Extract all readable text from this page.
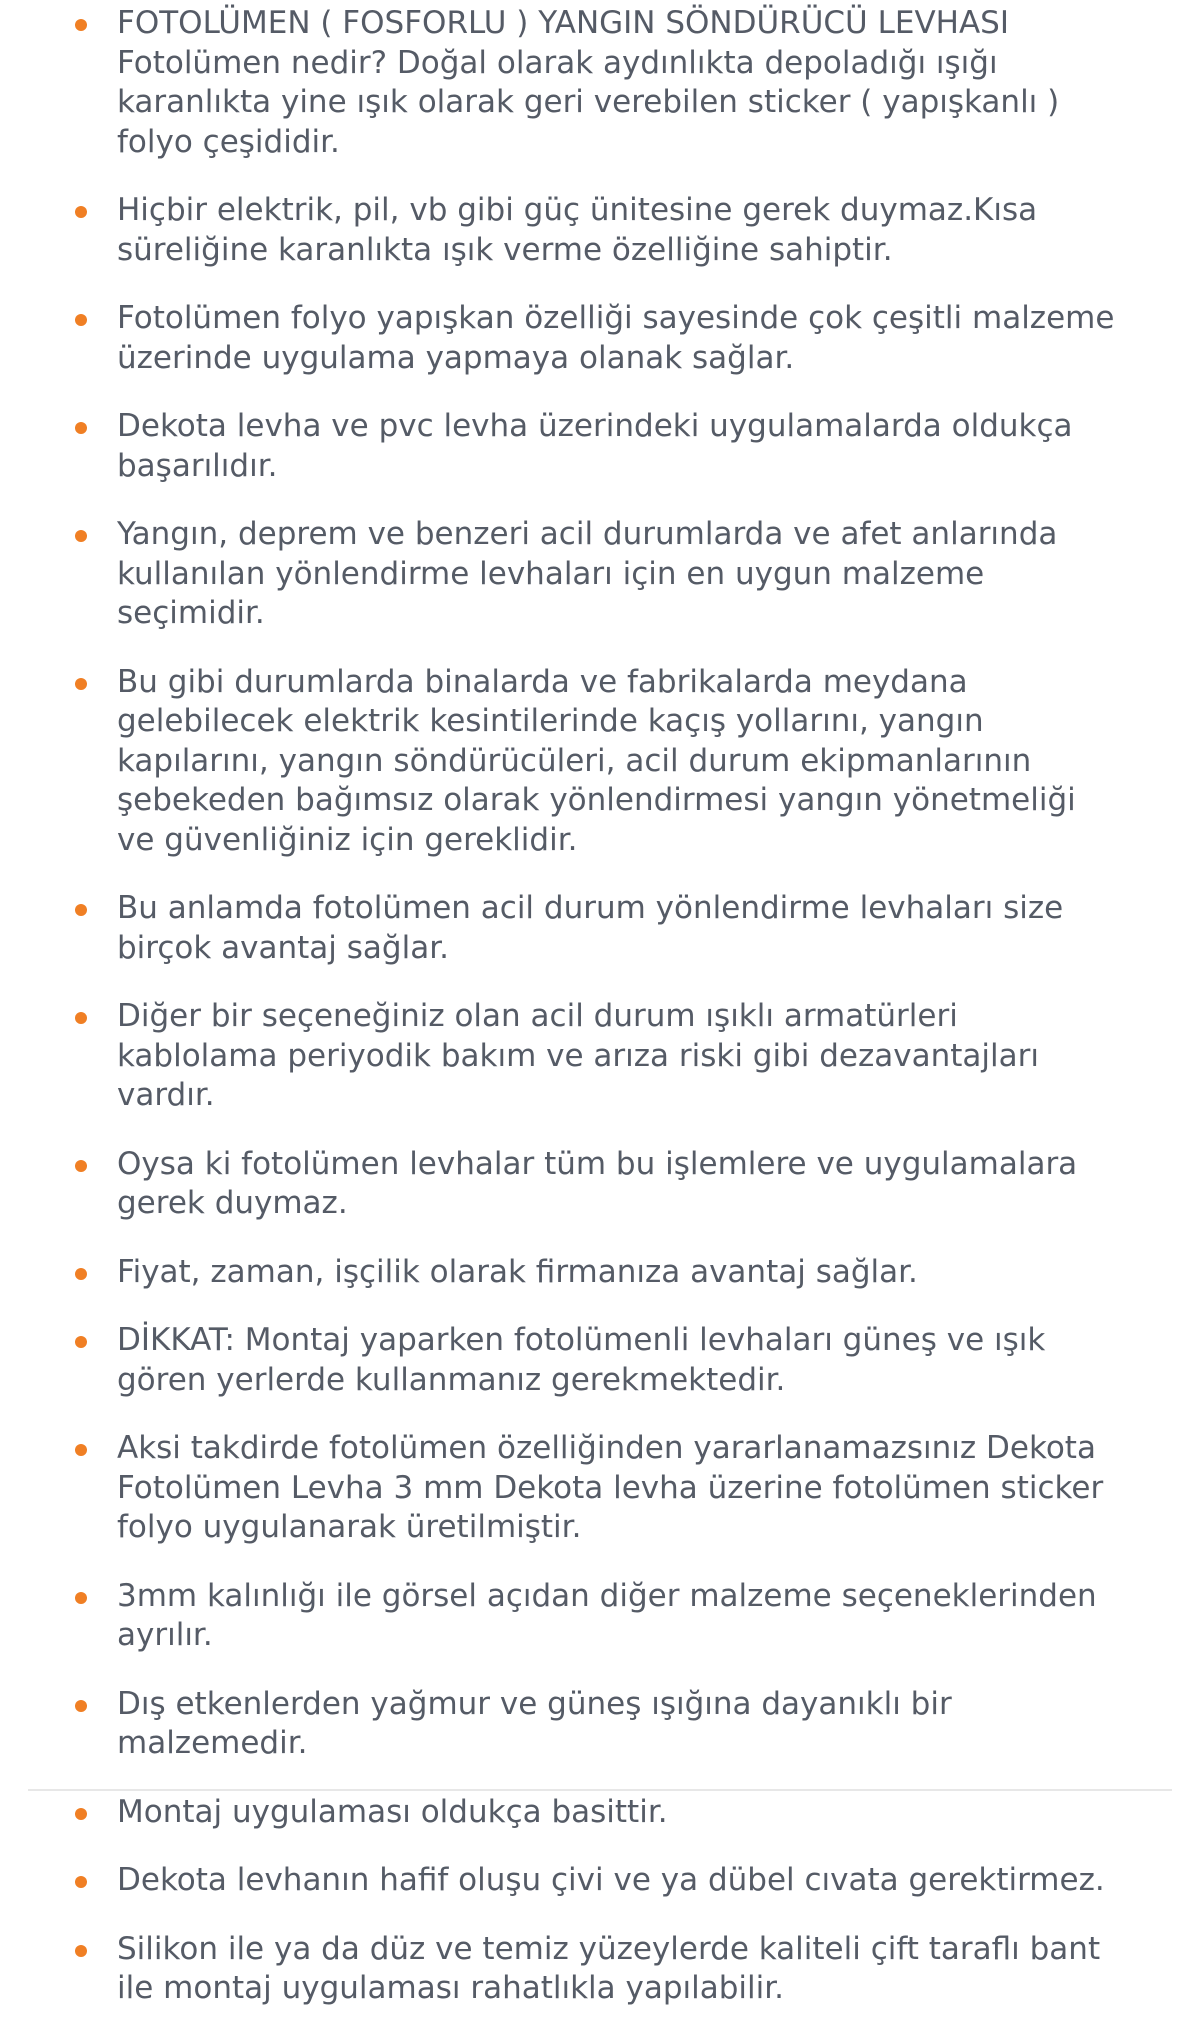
FOTOLÜMEN ( FOSFORLU ) YANGIN SÖNDÜRÜCÜ LEVHASI Fotolümen nedir? Doğal olarak aydınlıkta depoladığı ışığı karanlıkta yine ışık olarak geri verebilen sticker ( yapışkanlı ) folyo çeşididir.
Hiçbir elektrik, pil, vb gibi güç ünitesine gerek duymaz.Kısa süreliğine karanlıkta ışık verme özelliğine sahiptir.
Fotolümen folyo yapışkan özelliği sayesinde çok çeşitli malzeme üzerinde uygulama yapmaya olanak sağlar.
Dekota levha ve pvc levha üzerindeki uygulamalarda oldukça başarılıdır.
Yangın, deprem ve benzeri acil durumlarda ve afet anlarında kullanılan yönlendirme levhaları için en uygun malzeme seçimidir.
Bu gibi durumlarda binalarda ve fabrikalarda meydana gelebilecek elektrik kesintilerinde kaçış yollarını, yangın kapılarını, yangın söndürücüleri, acil durum ekipmanlarının şebekeden bağımsız olarak yönlendirmesi yangın yönetmeliği ve güvenliğiniz için gereklidir.
Bu anlamda fotolümen acil durum yönlendirme levhaları size birçok avantaj sağlar.
Diğer bir seçeneğiniz olan acil durum ışıklı armatürleri kablolama periyodik bakım ve arıza riski gibi dezavantajları vardır.
Oysa ki fotolümen levhalar tüm bu işlemlere ve uygulamalara gerek duymaz.
Fiyat, zaman, işçilik olarak firmanıza avantaj sağlar.
DİKKAT: Montaj yaparken fotolümenli levhaları güneş ve ışık gören yerlerde kullanmanız gerekmektedir.
Aksi takdirde fotolümen özelliğinden yararlanamazsınız Dekota Fotolümen Levha 3 mm Dekota levha üzerine fotolümen sticker folyo uygulanarak üretilmiştir.
3mm kalınlığı ile görsel açıdan diğer malzeme seçeneklerinden ayrılır.
Dış etkenlerden yağmur ve güneş ışığına dayanıklı bir malzemedir.
Montaj uygulaması oldukça basittir.
Dekota levhanın hafif oluşu çivi ve ya dübel cıvata gerektirmez.
Silikon ile ya da düz ve temiz yüzeylerde kaliteli çift taraflı bant ile montaj uygulaması rahatlıkla yapılabilir.
